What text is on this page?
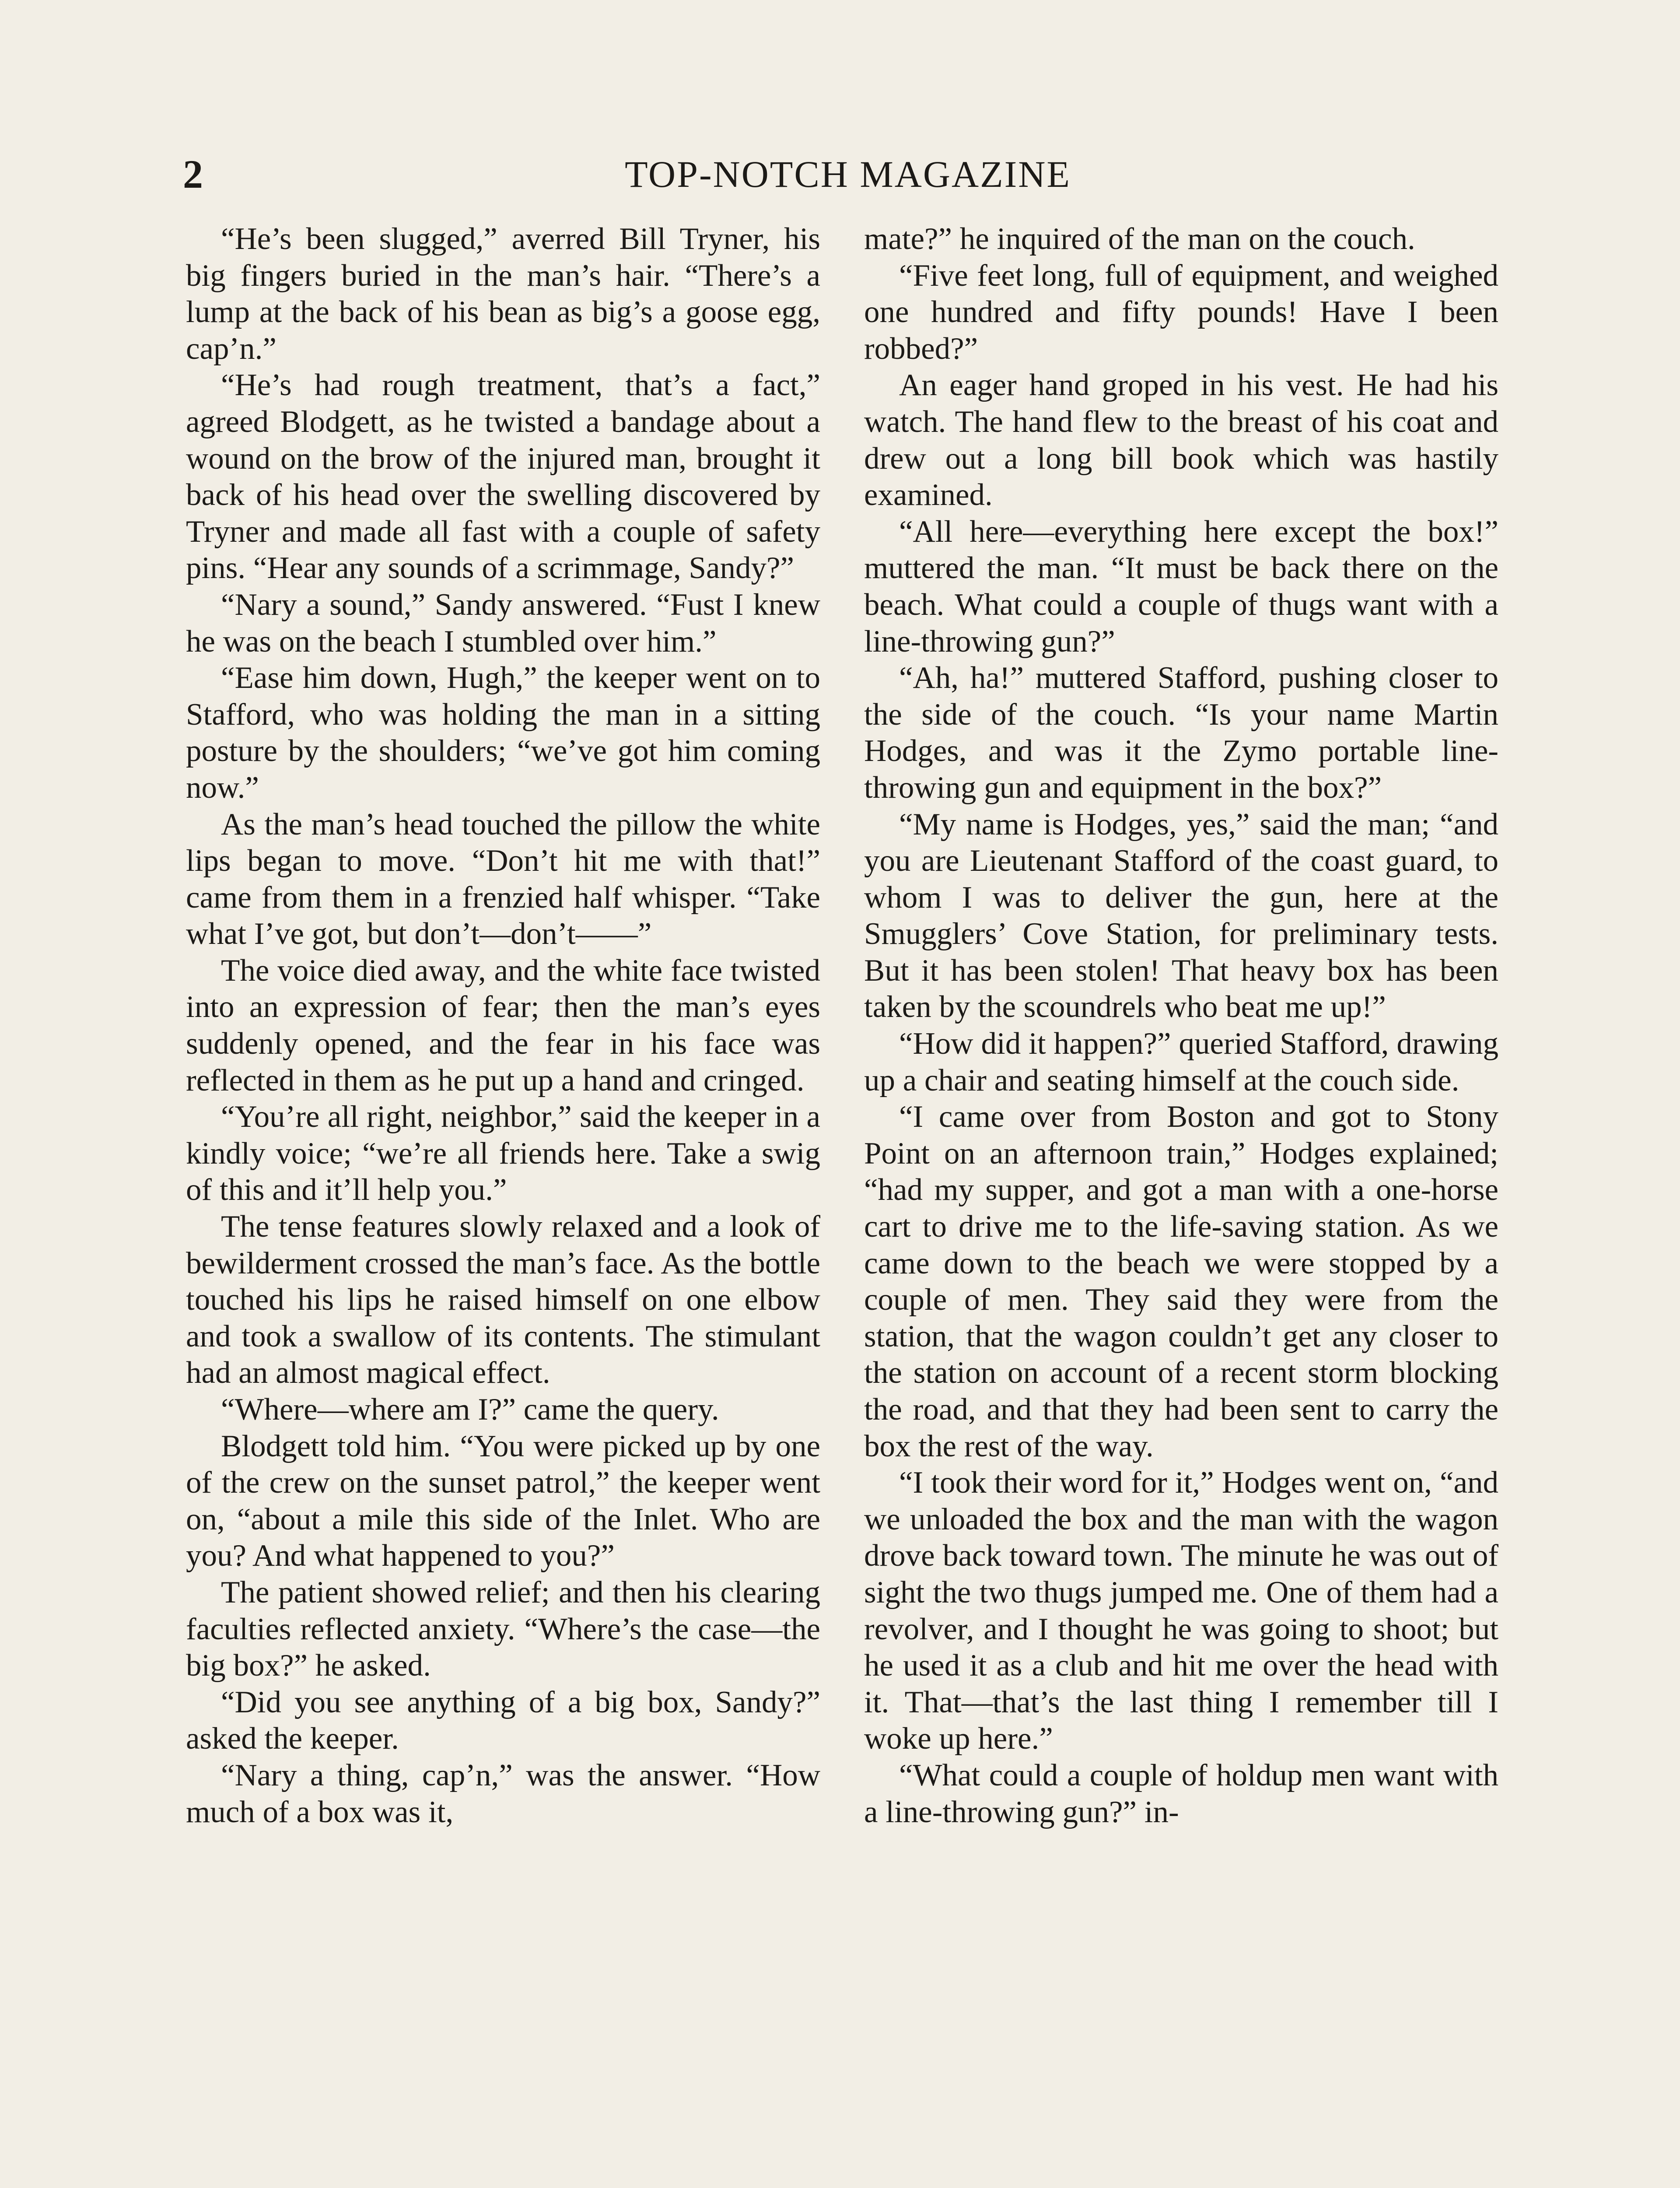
2	TOP-NOTCH MAGAZINE

“He’s been slugged,” averred Bill Tryner, his big fingers buried in the man’s hair. “There’s a lump at the back of his bean as big’s a goose egg, cap’n.”

“He’s had rough treatment, that’s a fact,” agreed Blodgett, as he twisted a bandage about a wound on the brow of the injured man, brought it back of his head over the swelling discovered by Tryner and made all fast with a couple of safety pins. “Hear any sounds of a scrimmage, Sandy?”

“Nary a sound,” Sandy answered. “Fust I knew he was on the beach I stumbled over him.”

“Ease him down, Hugh,” the keeper went on to Stafford, who was holding the man in a sitting posture by the shoulders; “we’ve got him coming now.”

As the man’s head touched the pillow the white lips began to move. “Don’t hit me with that!” came from them in a frenzied half whisper. “Take what I’ve got, but don’t—don’t——”

The voice died away, and the white face twisted into an expression of fear; then the man’s eyes suddenly opened, and the fear in his face was reflected in them as he put up a hand and cringed.

“You’re all right, neighbor,” said the keeper in a kindly voice; “we’re all friends here. Take a swig of this and it’ll help you.”

The tense features slowly relaxed and a look of bewilderment crossed the man’s face. As the bottle touched his lips he raised himself on one elbow and took a swallow of its contents. The stimulant had an almost magical effect.

“Where—where am I?” came the query.

Blodgett told him. “You were picked up by one of the crew on the sunset patrol,” the keeper went on, “about a mile this side of the Inlet. Who are you? And what happened to you?”

The patient showed relief; and then his clearing faculties reflected anxiety. “Where’s the case—the big box?” he asked.

“Did you see anything of a big box, Sandy?” asked the keeper.

“Nary a thing, cap’n,” was the answer. “How much of a box was it,

mate?” he inquired of the man on the couch.

“Five feet long, full of equipment, and weighed one hundred and fifty pounds! Have I been robbed?”

An eager hand groped in his vest. He had his watch. The hand flew to the breast of his coat and drew out a long bill book which was hastily examined.

“All here—everything here except the box!” muttered the man. “It must be back there on the beach. What could a couple of thugs want with a line-throwing gun?”

“Ah, ha!” muttered Stafford, pushing closer to the side of the couch. “Is your name Martin Hodges, and was it the Zymo portable line-throwing gun and equipment in the box?”

“My name is Hodges, yes,” said the man; “and you are Lieutenant Stafford of the coast guard, to whom I was to deliver the gun, here at the Smugglers’ Cove Station, for preliminary tests. But it has been stolen! That heavy box has been taken by the scoundrels who beat me up!”

“How did it happen?” queried Stafford, drawing up a chair and seating himself at the couch side.

“I came over from Boston and got to Stony Point on an afternoon train,” Hodges explained; “had my supper, and got a man with a one-horse cart to drive me to the life-saving station. As we came down to the beach we were stopped by a couple of men. They said they were from the station, that the wagon couldn’t get any closer to the station on account of a recent storm blocking the road, and that they had been sent to carry the box the rest of the way.

“I took their word for it,” Hodges went on, “and we unloaded the box and the man with the wagon drove back toward town. The minute he was out of sight the two thugs jumped me. One of them had a revolver, and I thought he was going to shoot; but he used it as a club and hit me over the head with it. That—that’s the last thing I remember till I woke up here.”

“What could a couple of holdup men want with a line-throwing gun?” in-
